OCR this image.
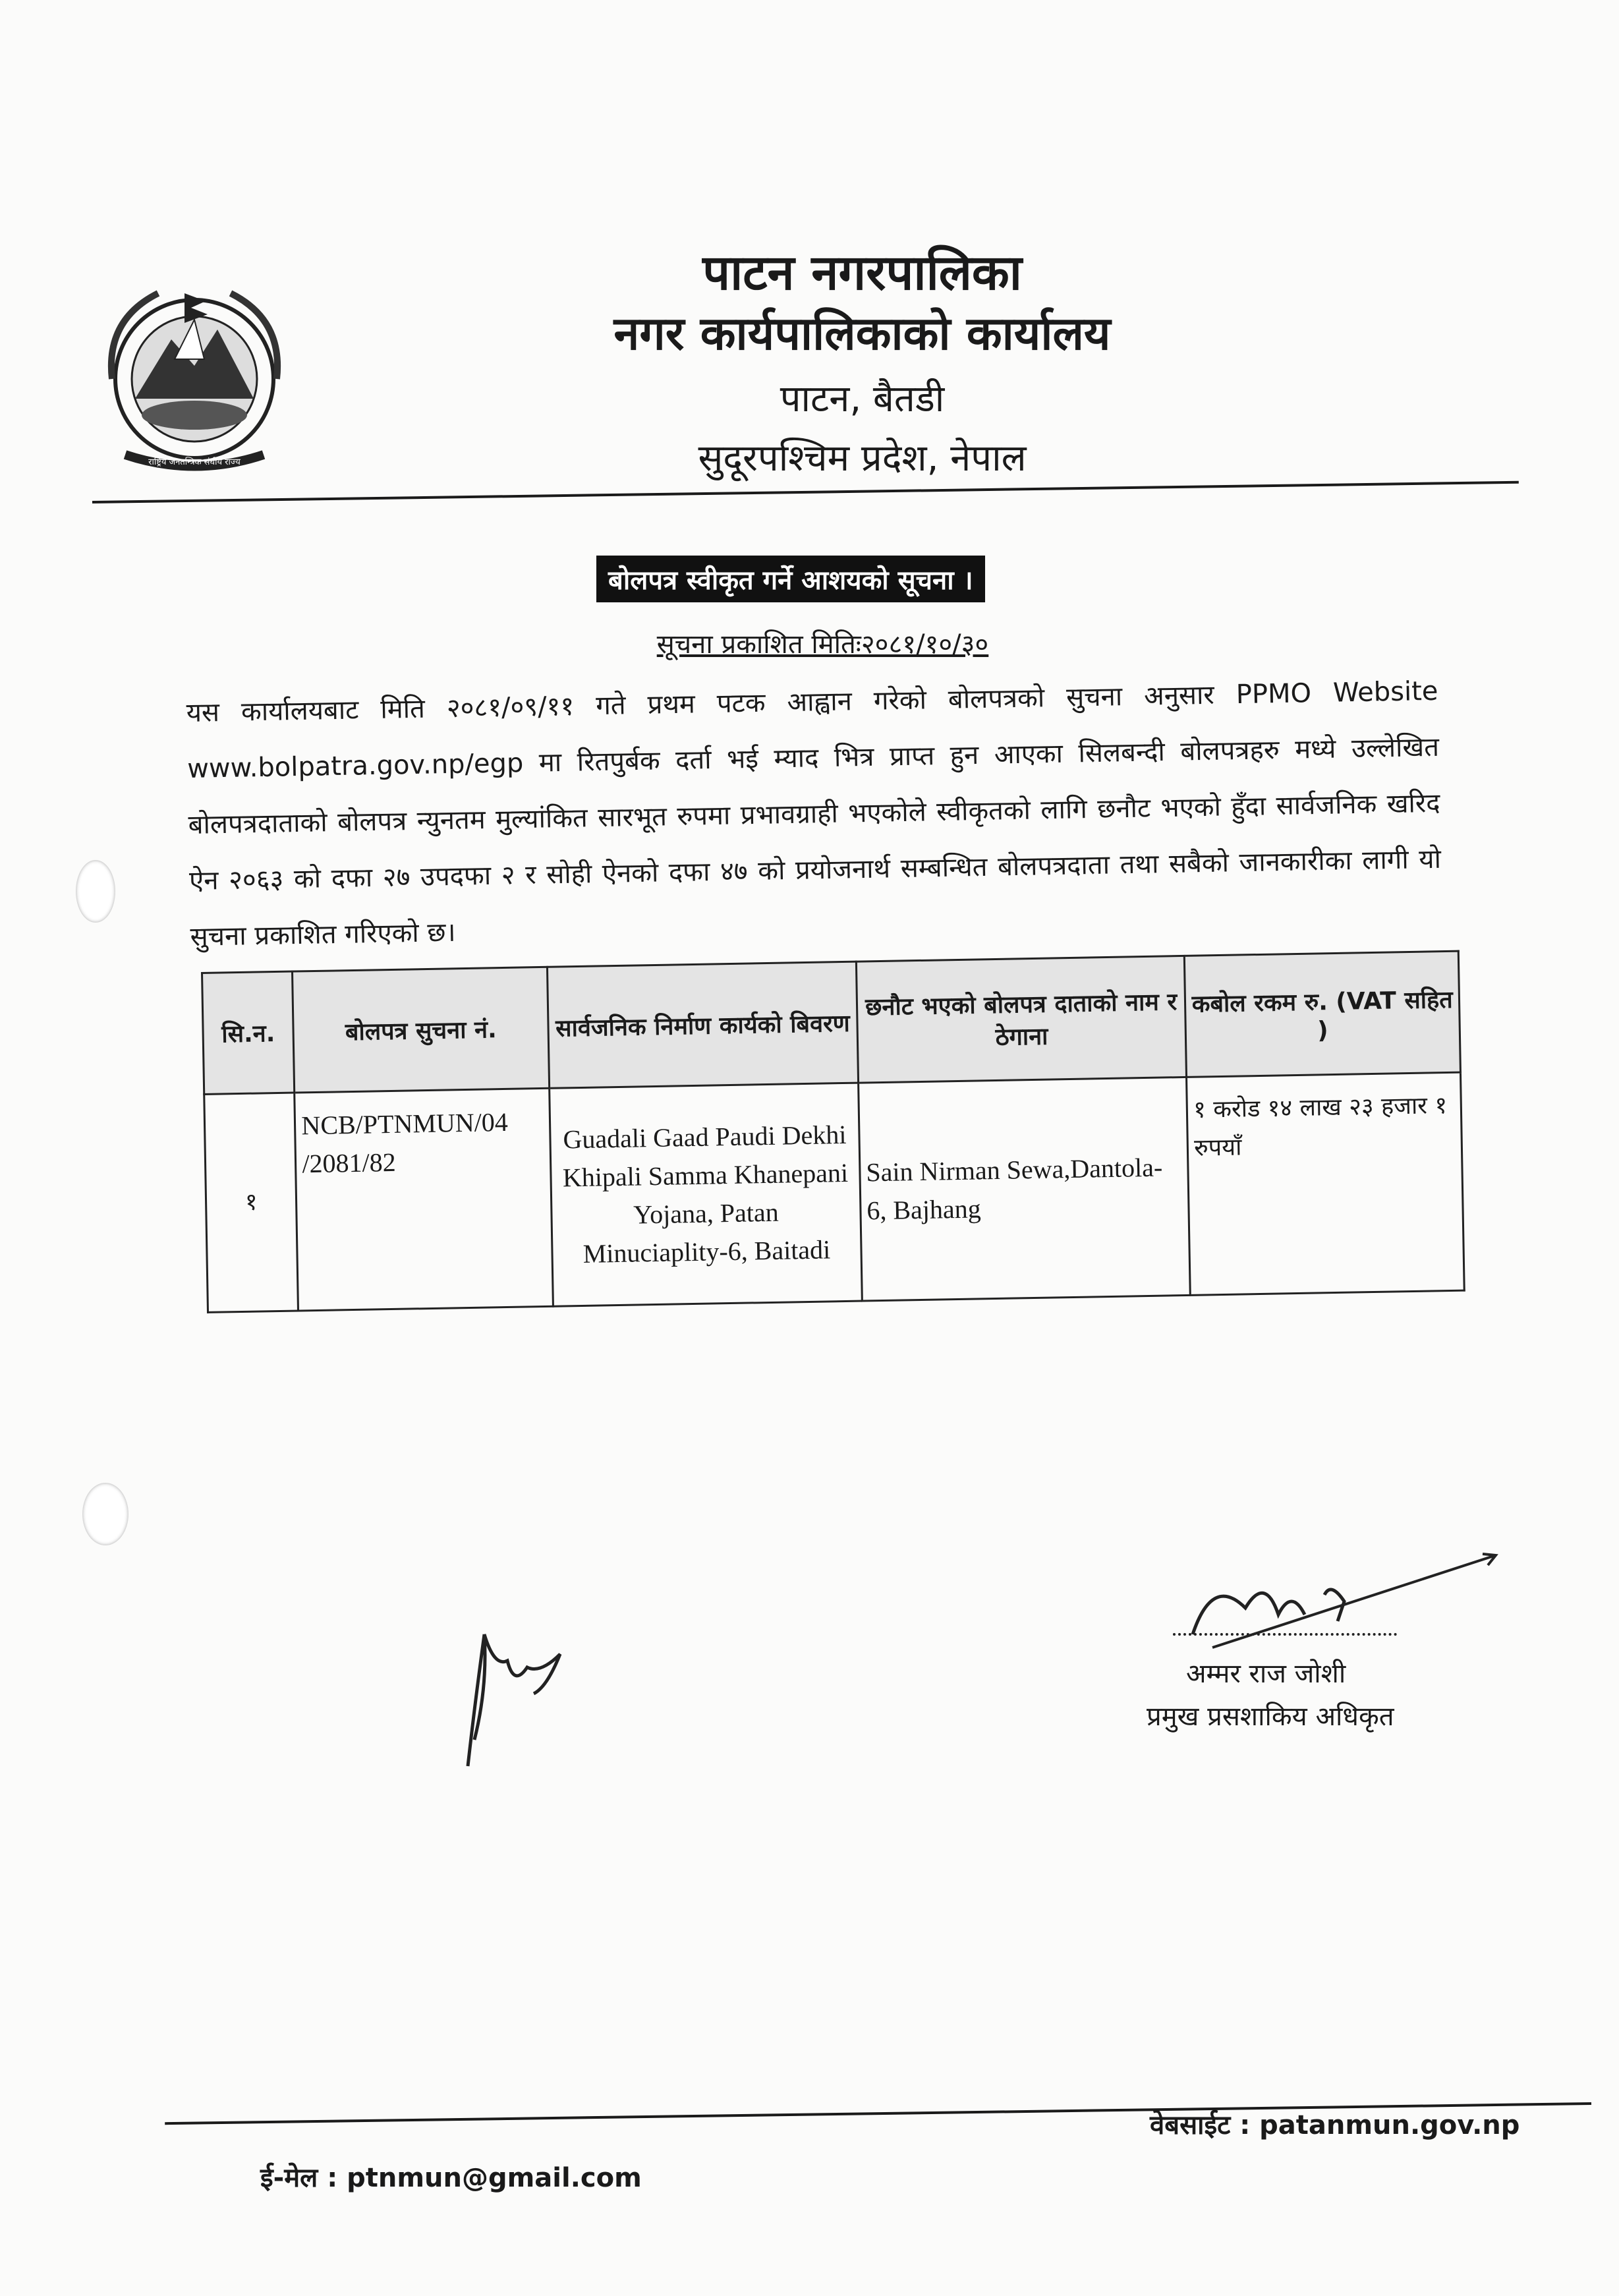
राष्ट्रिय जनतन्त्रिक संघीय राज्य
पाटन नगरपालिका
नगर कार्यपालिकाको कार्यालय
पाटन, बैतडी
सुदूरपश्चिम प्रदेश, नेपाल
बोलपत्र स्वीकृत गर्ने आशयको सूचना ।
सूचना प्रकाशित मितिः२०८१/१०/३०
यस कार्यालयबाट मिति २०८१/०९/११ गते प्रथम पटक आह्वान गरेको बोलपत्रको सुचना अनुसार PPMO Website www.bolpatra.gov.np/egp मा रितपुर्बक दर्ता भई म्याद भित्र प्राप्त हुन आएका सिलबन्दी बोलपत्रहरु मध्ये उल्लेखित बोलपत्रदाताको बोलपत्र न्युनतम मुल्यांकित सारभूत रुपमा प्रभावग्राही भएकोले स्वीकृतको लागि छनौट भएको हुँदा सार्वजनिक खरिद ऐन २०६३ को दफा २७ उपदफा २ र सोही ऐनको दफा ४७ को प्रयोजनार्थ सम्बन्धित बोलपत्रदाता तथा सबैको जानकारीका लागी यो सुचना प्रकाशित गरिएको छ।
सि.न.	बोलपत्र सुचना नं.	सार्वजनिक निर्माण कार्यको बिवरण	छनौट भएको बोलपत्र दाताको नाम र ठेगाना	कबोल रकम रु. (VAT सहित )
१	NCB/PTNMUN/04 /2081/82	Guadali Gaad Paudi Dekhi Khipali Samma Khanepani Yojana, Patan Minuciaplity-6, Baitadi	Sain Nirman Sewa,Dantola-6, Bajhang	१ करोड १४ लाख २३ हजार १ रुपयाँ
अम्मर राज जोशी
प्रमुख प्रसशाकिय अधिकृत
वेबसाईट : patanmun.gov.np
ई-मेल : ptnmun@gmail.com
